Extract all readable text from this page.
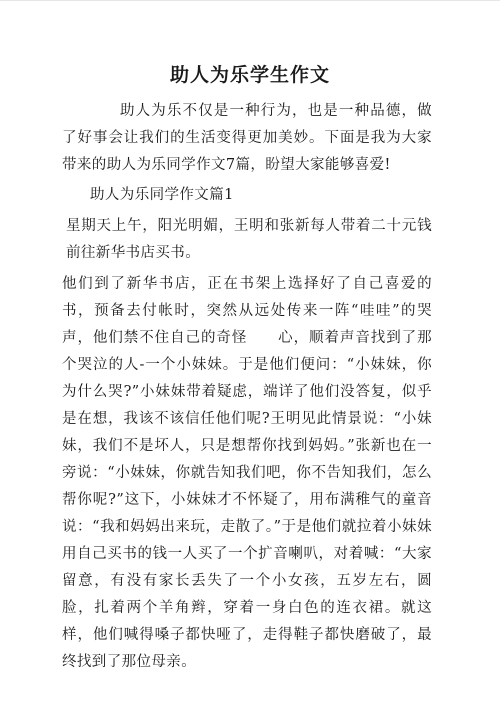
助人为乐学生作文

助人为乐不仅是一种行为，也是一种品德，做了好事会让我们的生活变得更加美妙。下面是我为大家带来的助人为乐同学作文7篇，盼望大家能够喜爱!

助人为乐同学作文篇1

星期天上午，阳光明媚，王明和张新每人带着二十元钱前往新华书店买书。

他们到了新华书店，正在书架上选择好了自己喜爱的书，预备去付帐时，突然从远处传来一阵“哇哇”的哭声，他们禁不住自己的奇怪　　心，顺着声音找到了那个哭泣的人-一个小妹妹。于是他们便问：“小妹妹，你为什么哭?”小妹妹带着疑虑，端详了他们没答复，似乎是在想，我该不该信任他们呢?王明见此情景说：“小妹妹，我们不是坏人，只是想帮你找到妈妈。”张新也在一旁说：“小妹妹，你就告知我们吧，你不告知我们，怎么帮你呢?”这下，小妹妹才不怀疑了，用布满稚气的童音说：“我和妈妈出来玩，走散了。”于是他们就拉着小妹妹用自己买书的钱一人买了一个扩音喇叭，对着喊：“大家留意，有没有家长丢失了一个小女孩，五岁左右，圆脸，扎着两个羊角辫，穿着一身白色的连衣裙。就这样，他们喊得嗓子都快哑了，走得鞋子都快磨破了，最终找到了那位母亲。
